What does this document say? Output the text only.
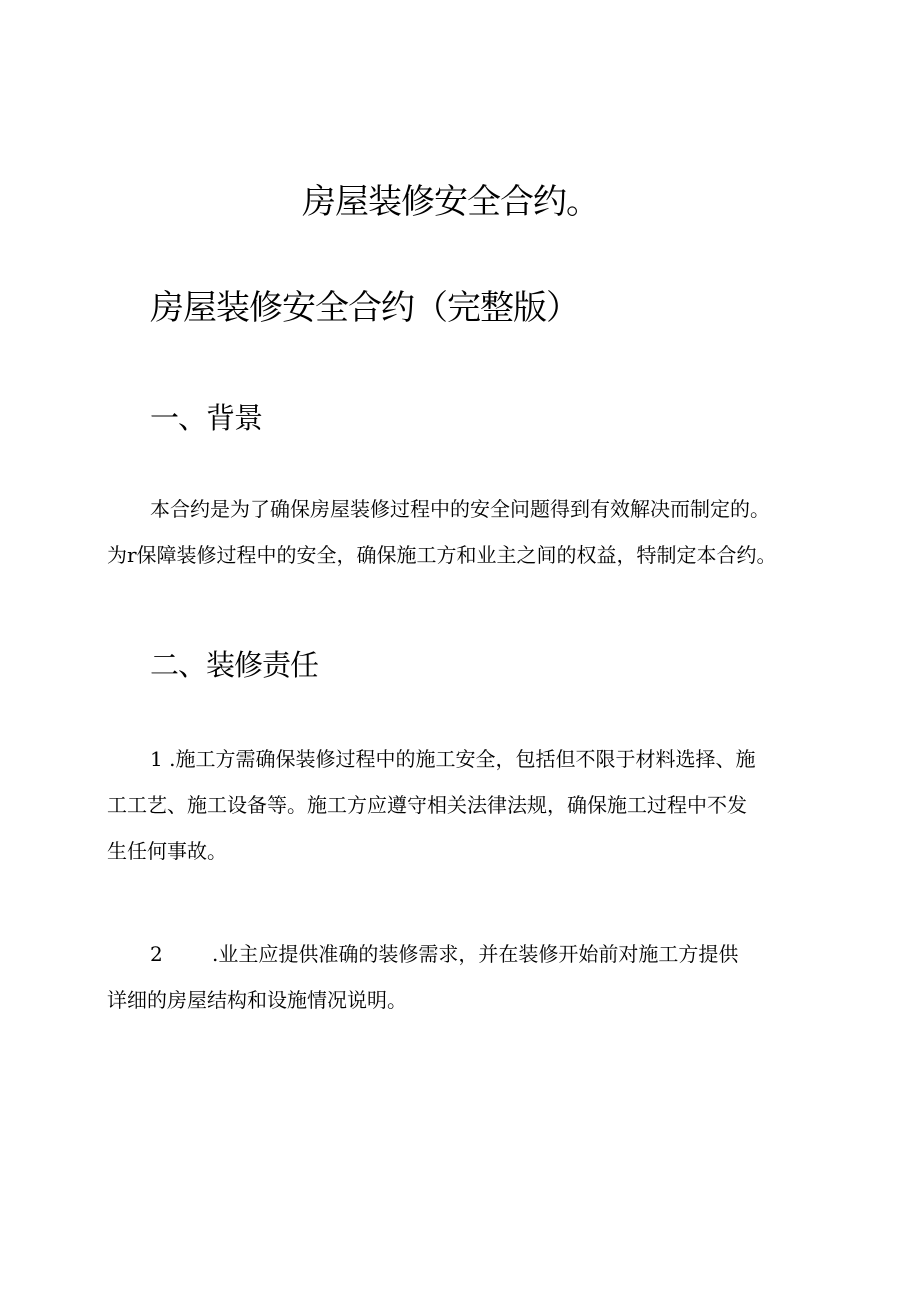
房屋装修安全合约。
房屋装修安全合约（完整版）
一、背景
本合约是为了确保房屋装修过程中的安全问题得到有效解决而制定的。
为r保障装修过程中的安全，确保施工方和业主之间的权益，特制定本合约。
二、装修责任
1 .施工方需确保装修过程中的施工安全，包括但不限于材料选择、施
工工艺、施工设备等。施工方应遵守相关法律法规，确保施工过程中不发
生任何事故。
2 .业主应提供准确的装修需求，并在装修开始前对施工方提供
详细的房屋结构和设施情况说明。
